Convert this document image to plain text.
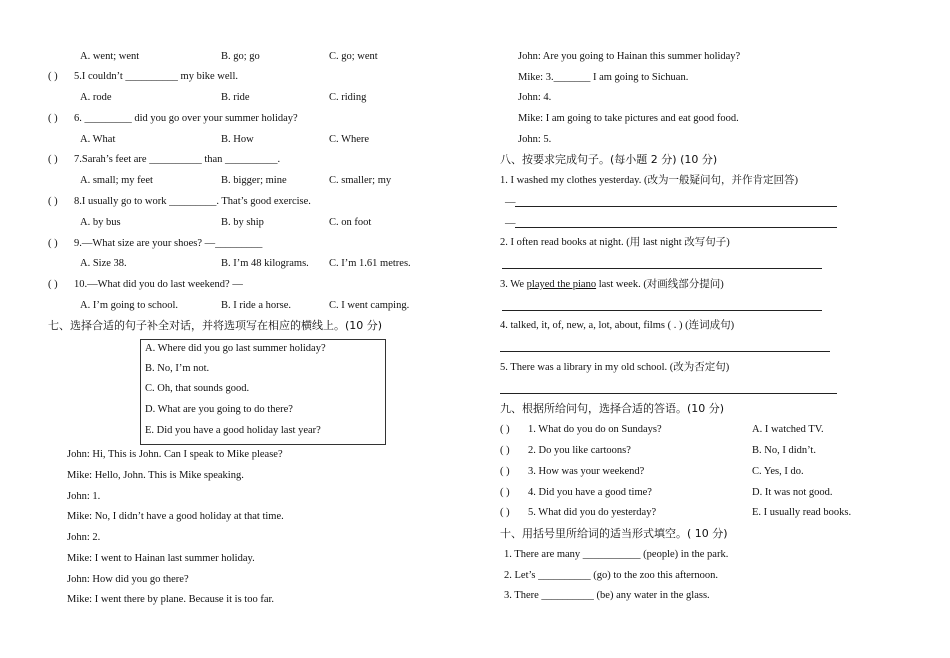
A. went; went	B. go; go	C. go; went
( ) 5.I couldn’t __________ my bike well.
A. rode	B. ride	C. riding
( ) 6. _________ did you go over your summer holiday?
A. What	B. How	C. Where
( ) 7.Sarah’s feet are __________ than __________.
A. small; my feet	B. bigger; mine	C. smaller; my
( ) 8.I usually go to work _________. That’s good exercise.
A. by bus	B. by ship	C. on foot
( ) 9.—What size are your shoes? —_________
A. Size 38.	B. I’m 48 kilograms. C. I’m 1.61 metres.
( ) 10.—What did you do last weekend? —
A. I’m going to school.	B. I ride a horse.	C. I went camping.
七、选择合适的句子补全对话，并将选项写在相应的横线上。(10 分)
A. Where did you go last summer holiday?
B. No, I’m not.
C. Oh, that sounds good.
D. What are you going to do there?
E. Did you have a good holiday last year?
John: Hi, This is John. Can I speak to Mike please?
Mike: Hello, John. This is Mike speaking.
John: 1.
Mike: No, I didn’t have a good holiday at that time.
John: 2.
Mike: I went to Hainan last summer holiday.
John: How did you go there?
Mike: I went there by plane. Because it is too far.
John: Are you going to Hainan this summer holiday?
Mike: 3._______ I am going to Sichuan.
John: 4.
Mike: I am going to take pictures and eat good food.
John: 5.
八、按要求完成句子。(每小题 2 分) (10 分)
1. I washed my clothes yesterday. (改为一般疑问句，并作肯定回答)
—
—
2. I often read books at night. (用 last night 改写句子)
3. We played the piano last week. (对画线部分提问)
4. talked, it, of, new, a, lot, about, films ( . ) (连词成句)
5. There was a library in my old school. (改为否定句)
九、根据所给问句，选择合适的答语。(10 分)
( ) 1. What do you do on Sundays?	A. I watched TV.
( ) 2. Do you like cartoons?	B. No, I didn’t.
( ) 3. How was your weekend?	C. Yes, I do.
( ) 4. Did you have a good time?	D. It was not good.
( ) 5. What did you do yesterday?	E. I usually read books.
十、用括号里所给词的适当形式填空。( 10 分)
1. There are many ___________ (people) in the park.
2. Let’s __________ (go) to the zoo this afternoon.
3. There __________ (be) any water in the glass.
